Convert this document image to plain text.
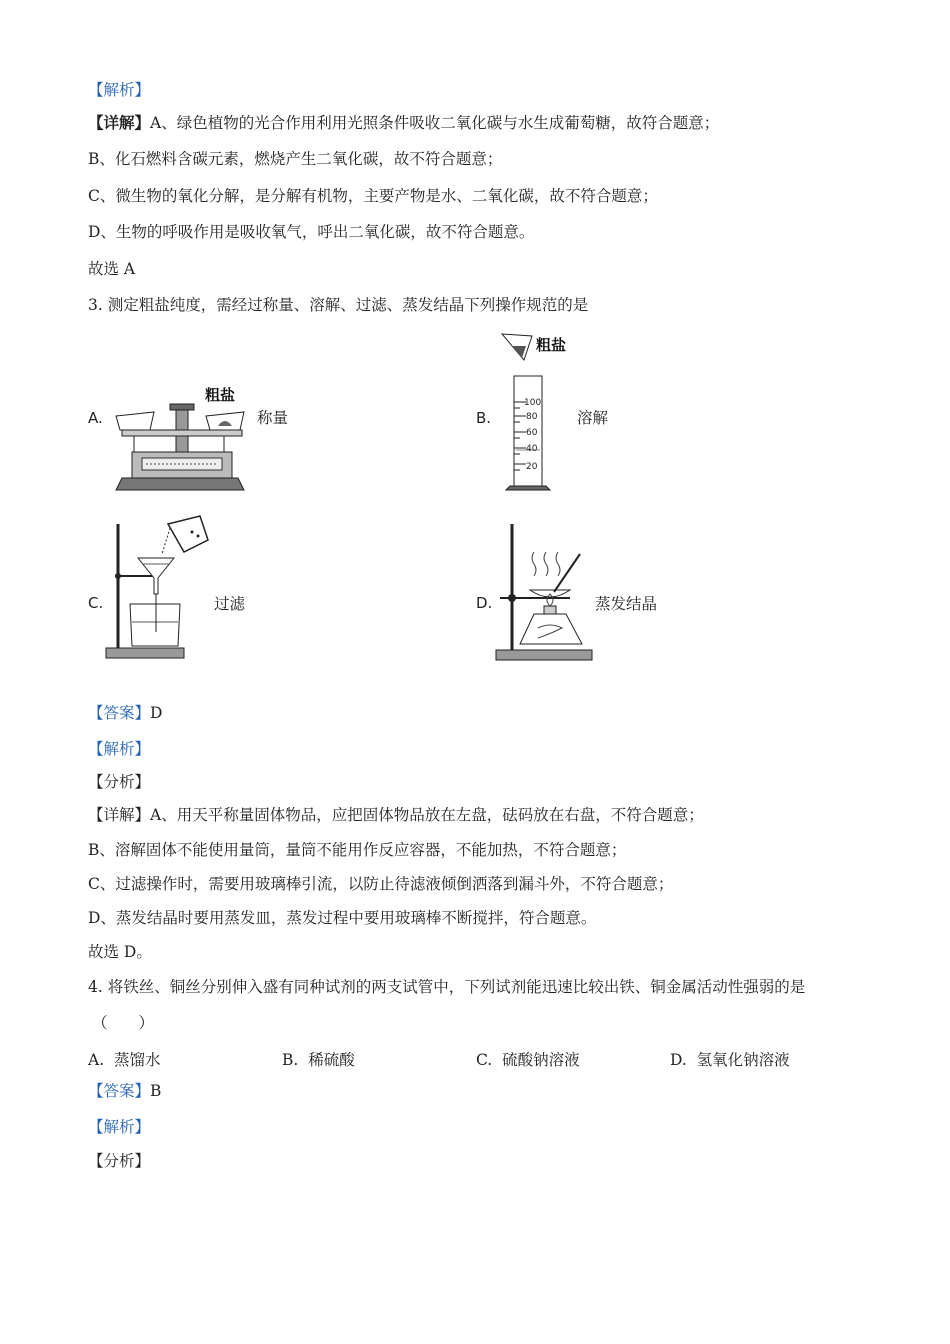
【解析】
【详解】A、绿色植物的光合作用利用光照条件吸收二氧化碳与水生成葡萄糖，故符合题意；
B、化石燃料含碳元素，燃烧产生二氧化碳，故不符合题意；
C、微生物的氧化分解，是分解有机物，主要产物是水、二氧化碳，故不符合题意；
D、生物的呼吸作用是吸收氧气，呼出二氧化碳，故不符合题意。
故选 A
3. 测定粗盐纯度，需经过称量、溶解、过滤、蒸发结晶下列操作规范的是
A.
粗盐
称量	B.
粗盐
100
80
60
40
20
溶解
C.	过滤	D.	蒸发结晶
【答案】D
【解析】
【分析】
【详解】A、用天平称量固体物品，应把固体物品放在左盘，砝码放在右盘，不符合题意；
B、溶解固体不能使用量筒，量筒不能用作反应容器，不能加热，不符合题意；
C、过滤操作时，需要用玻璃棒引流，以防止待滤液倾倒洒落到漏斗外，不符合题意；
D、蒸发结晶时要用蒸发皿，蒸发过程中要用玻璃棒不断搅拌，符合题意。
故选 D。
4. 将铁丝、铜丝分别伸入盛有同种试剂的两支试管中，下列试剂能迅速比较出铁、铜金属活动性强弱的是
（　　）
A. 蒸馏水	B. 稀硫酸	C. 硫酸钠溶液	D. 氢氧化钠溶液
【答案】B
【解析】
【分析】
